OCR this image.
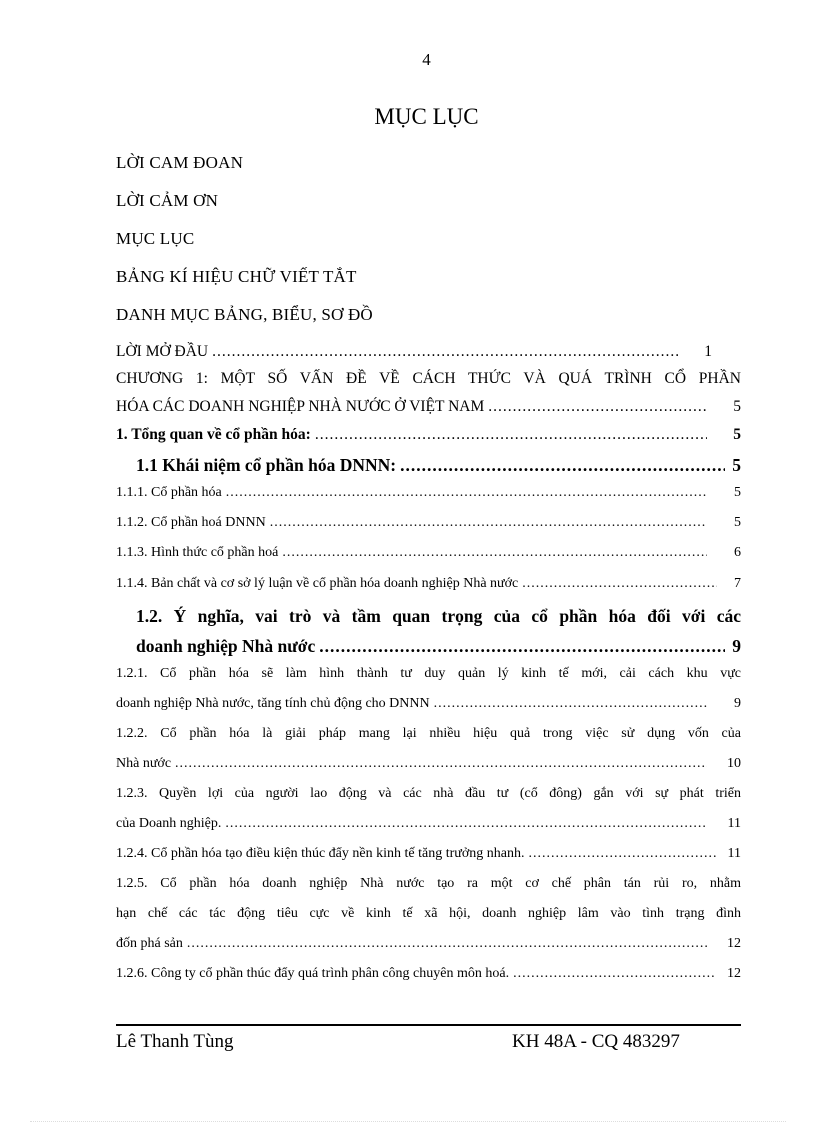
4
MỤC LỤC
LỜI CAM ĐOAN
LỜI CẢM ƠN
MỤC LỤC
BẢNG KÍ HIỆU CHỮ VIẾT TẮT
DANH MỤC BẢNG, BIỂU, SƠ ĐỒ
LỜI MỞ ĐẦU .....	1
CHƯƠNG 1: MỘT SỐ VẤN ĐỀ VỀ CÁCH THỨC VÀ QUÁ TRÌNH CỔ PHẦN
HÓA CÁC DOANH NGHIỆP NHÀ NƯỚC Ở VIỆT NAM .....	5
1. Tổng quan về cổ phần hóa: .....	5
1.1 Khái niệm cổ phần hóa DNNN: .....	5
1.1.1. Cổ phần hóa .....	5
1.1.2. Cổ phần hoá DNNN .....	5
1.1.3. Hình thức cổ phần hoá .....	6
1.1.4. Bản chất và cơ sở lý luận về cổ phần hóa doanh nghiệp Nhà nước .....	7
1.2. Ý nghĩa, vai trò và tầm quan trọng của cổ phần hóa đối với các
doanh nghiệp Nhà nước .....	9
1.2.1. Cổ phần hóa sẽ làm hình thành tư duy quản lý kinh tế mới, cải cách khu vực
doanh nghiệp Nhà nước, tăng tính chủ động cho DNNN .....	9
1.2.2. Cổ phần hóa là giải pháp mang lại nhiều hiệu quả trong việc sử dụng vốn của
Nhà nước .....	10
1.2.3. Quyền lợi của người lao động và các nhà đầu tư (cổ đông) gắn với sự phát triển
của Doanh nghiệp. .....	11
1.2.4. Cổ phần hóa tạo điều kiện thúc đẩy nền kinh tế tăng trưởng nhanh. .....	11
1.2.5. Cổ phần hóa doanh nghiệp Nhà nước tạo ra một cơ chế phân tán rủi ro, nhằm
hạn chế các tác động tiêu cực về kinh tế xã hội, doanh nghiệp lâm vào tình trạng đình
đốn phá sản .....	12
1.2.6. Công ty cổ phần thúc đẩy quá trình phân công chuyên môn hoá. .....	12
Lê Thanh Tùng	KH 48A - CQ 483297
